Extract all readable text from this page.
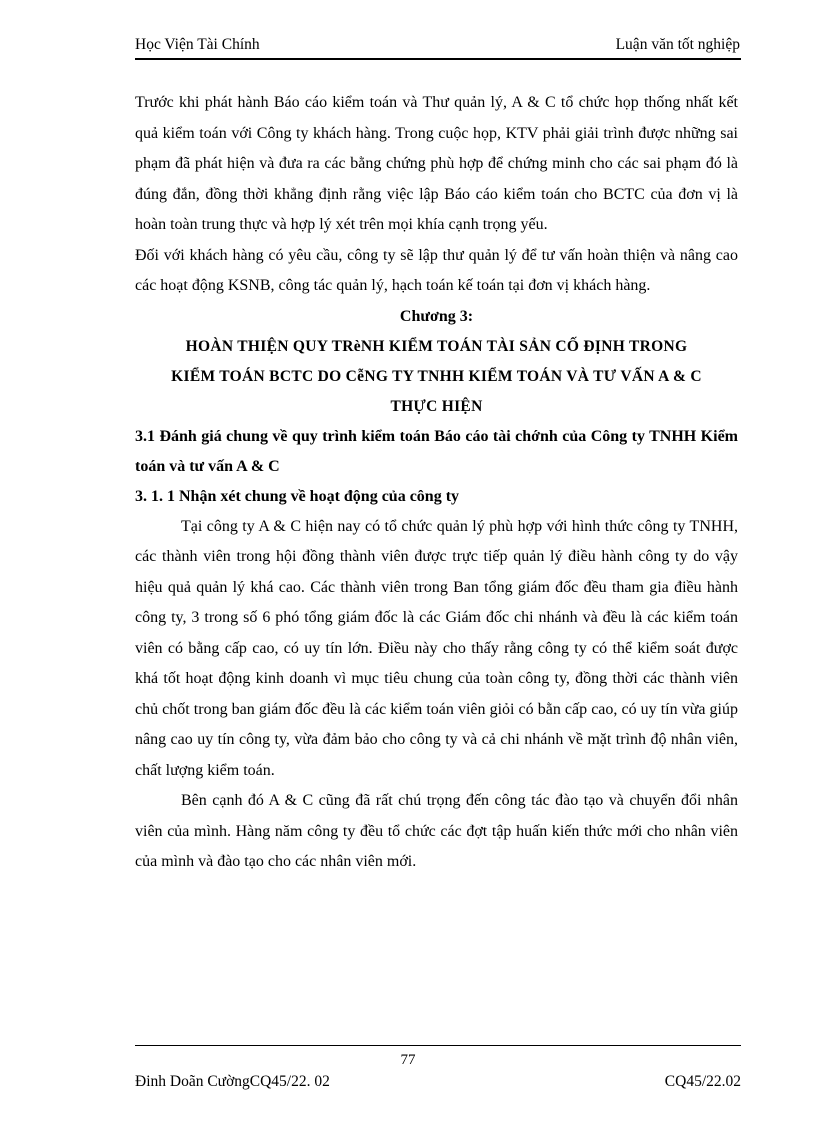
Học Viện Tài Chính	Luận văn tốt nghiệp

Trước khi phát hành Báo cáo kiểm toán và Thư quản lý, A & C tổ chức họp thống nhất kết quả kiểm toán với Công ty khách hàng. Trong cuộc họp, KTV phải giải trình được những sai phạm đã phát hiện và đưa ra các bằng chứng phù hợp để chứng minh cho các sai phạm đó là đúng đắn, đồng thời khẳng định rằng việc lập Báo cáo kiểm toán cho BCTC của đơn vị là hoàn toàn trung thực và hợp lý xét trên mọi khía cạnh trọng yếu.

Đối với khách hàng có yêu cầu, công ty sẽ lập thư quản lý để tư vấn hoàn thiện và nâng cao các hoạt động KSNB, công tác quản lý, hạch toán kế toán tại đơn vị khách hàng.

Chương 3:

HOÀN THIỆN QUY TRèNH KIỂM TOÁN TÀI SẢN CỐ ĐỊNH TRONG

KIỂM TOÁN BCTC DO CễNG TY TNHH KIỂM TOÁN VÀ TƯ VẤN A & C

THỰC HIỆN

3.1 Đánh giá chung về quy trình kiểm toán Báo cáo tài chớnh của Công ty TNHH Kiểm toán và tư vấn A & C

3. 1. 1 Nhận xét chung về hoạt động của công ty

Tại công ty A & C hiện nay có tổ chức quản lý phù hợp với hình thức công ty TNHH, các thành viên trong hội đồng thành viên được trực tiếp quản lý điều hành công ty do vậy hiệu quả quản lý khá cao. Các thành viên trong Ban tổng giám đốc đều tham gia điều hành công ty, 3 trong số 6 phó tổng giám đốc là các Giám đốc chi nhánh và đều là các kiểm toán viên có bằng cấp cao, có uy tín lớn. Điều này cho thấy rằng công ty có thể kiểm soát được khá tốt hoạt động kinh doanh vì mục tiêu chung của toàn công ty, đồng thời các thành viên chủ chốt trong ban giám đốc đều là các kiểm toán viên giỏi có bằn cấp cao, có uy tín vừa giúp nâng cao uy tín công ty, vừa đảm bảo cho công ty và cả chi nhánh về mặt trình độ nhân viên, chất lượng kiểm toán.

Bên cạnh đó A & C cũng đã rất chú trọng đến công tác đào tạo và chuyển đổi nhân viên của mình. Hàng năm công ty đều tổ chức các đợt tập huấn kiến thức mới cho nhân viên của mình và đào tạo cho các nhân viên mới.

77
Đinh Doãn CườngCQ45/22. 02	CQ45/22.02
